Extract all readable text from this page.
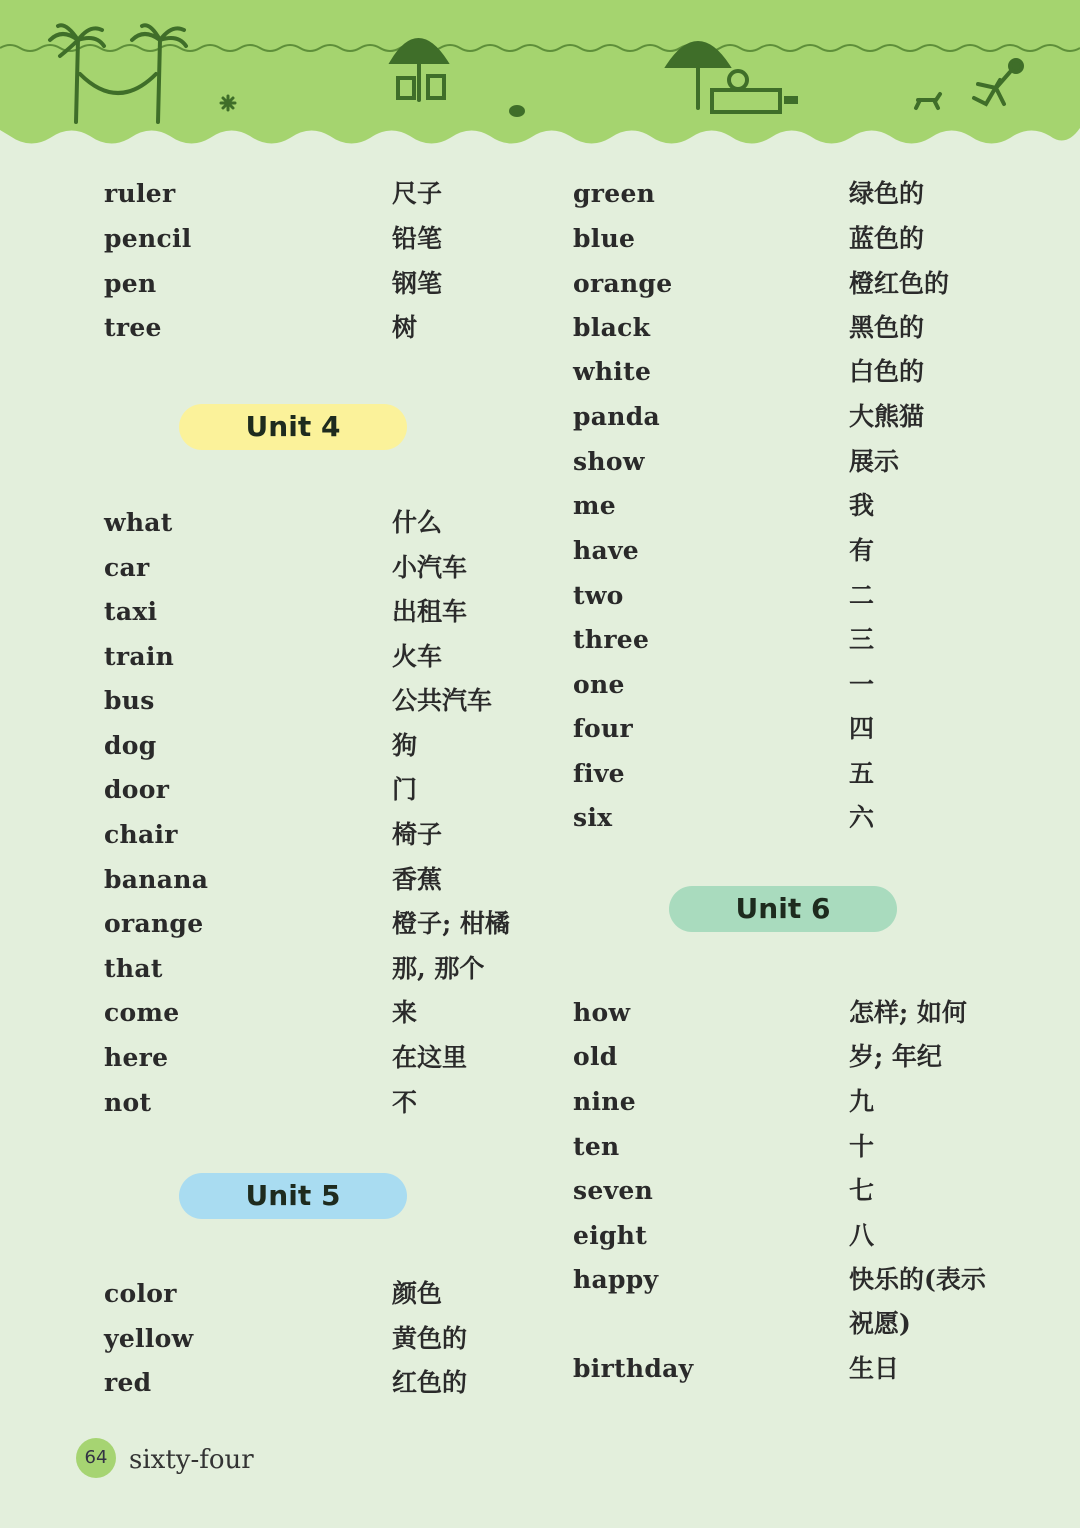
ruler	尺子
pencil	铅笔
pen	钢笔
tree	树
Unit 4
what	什么
car	小汽车
taxi	出租车
train	火车
bus	公共汽车
dog	狗
door	门
chair	椅子
banana	香蕉
orange	橙子; 柑橘
that	那, 那个
come	来
here	在这里
not	不
Unit 5
color	颜色
yellow	黄色的
red	红色的
green	绿色的
blue	蓝色的
orange	橙红色的
black	黑色的
white	白色的
panda	大熊猫
show	展示
me	我
have	有
two	二
three	三
one	一
four	四
five	五
six	六
Unit 6
how	怎样; 如何
old	岁; 年纪
nine	九
ten	十
seven	七
eight	八
happy	快乐的(表示
祝愿)
birthday	生日
64 sixty-four
